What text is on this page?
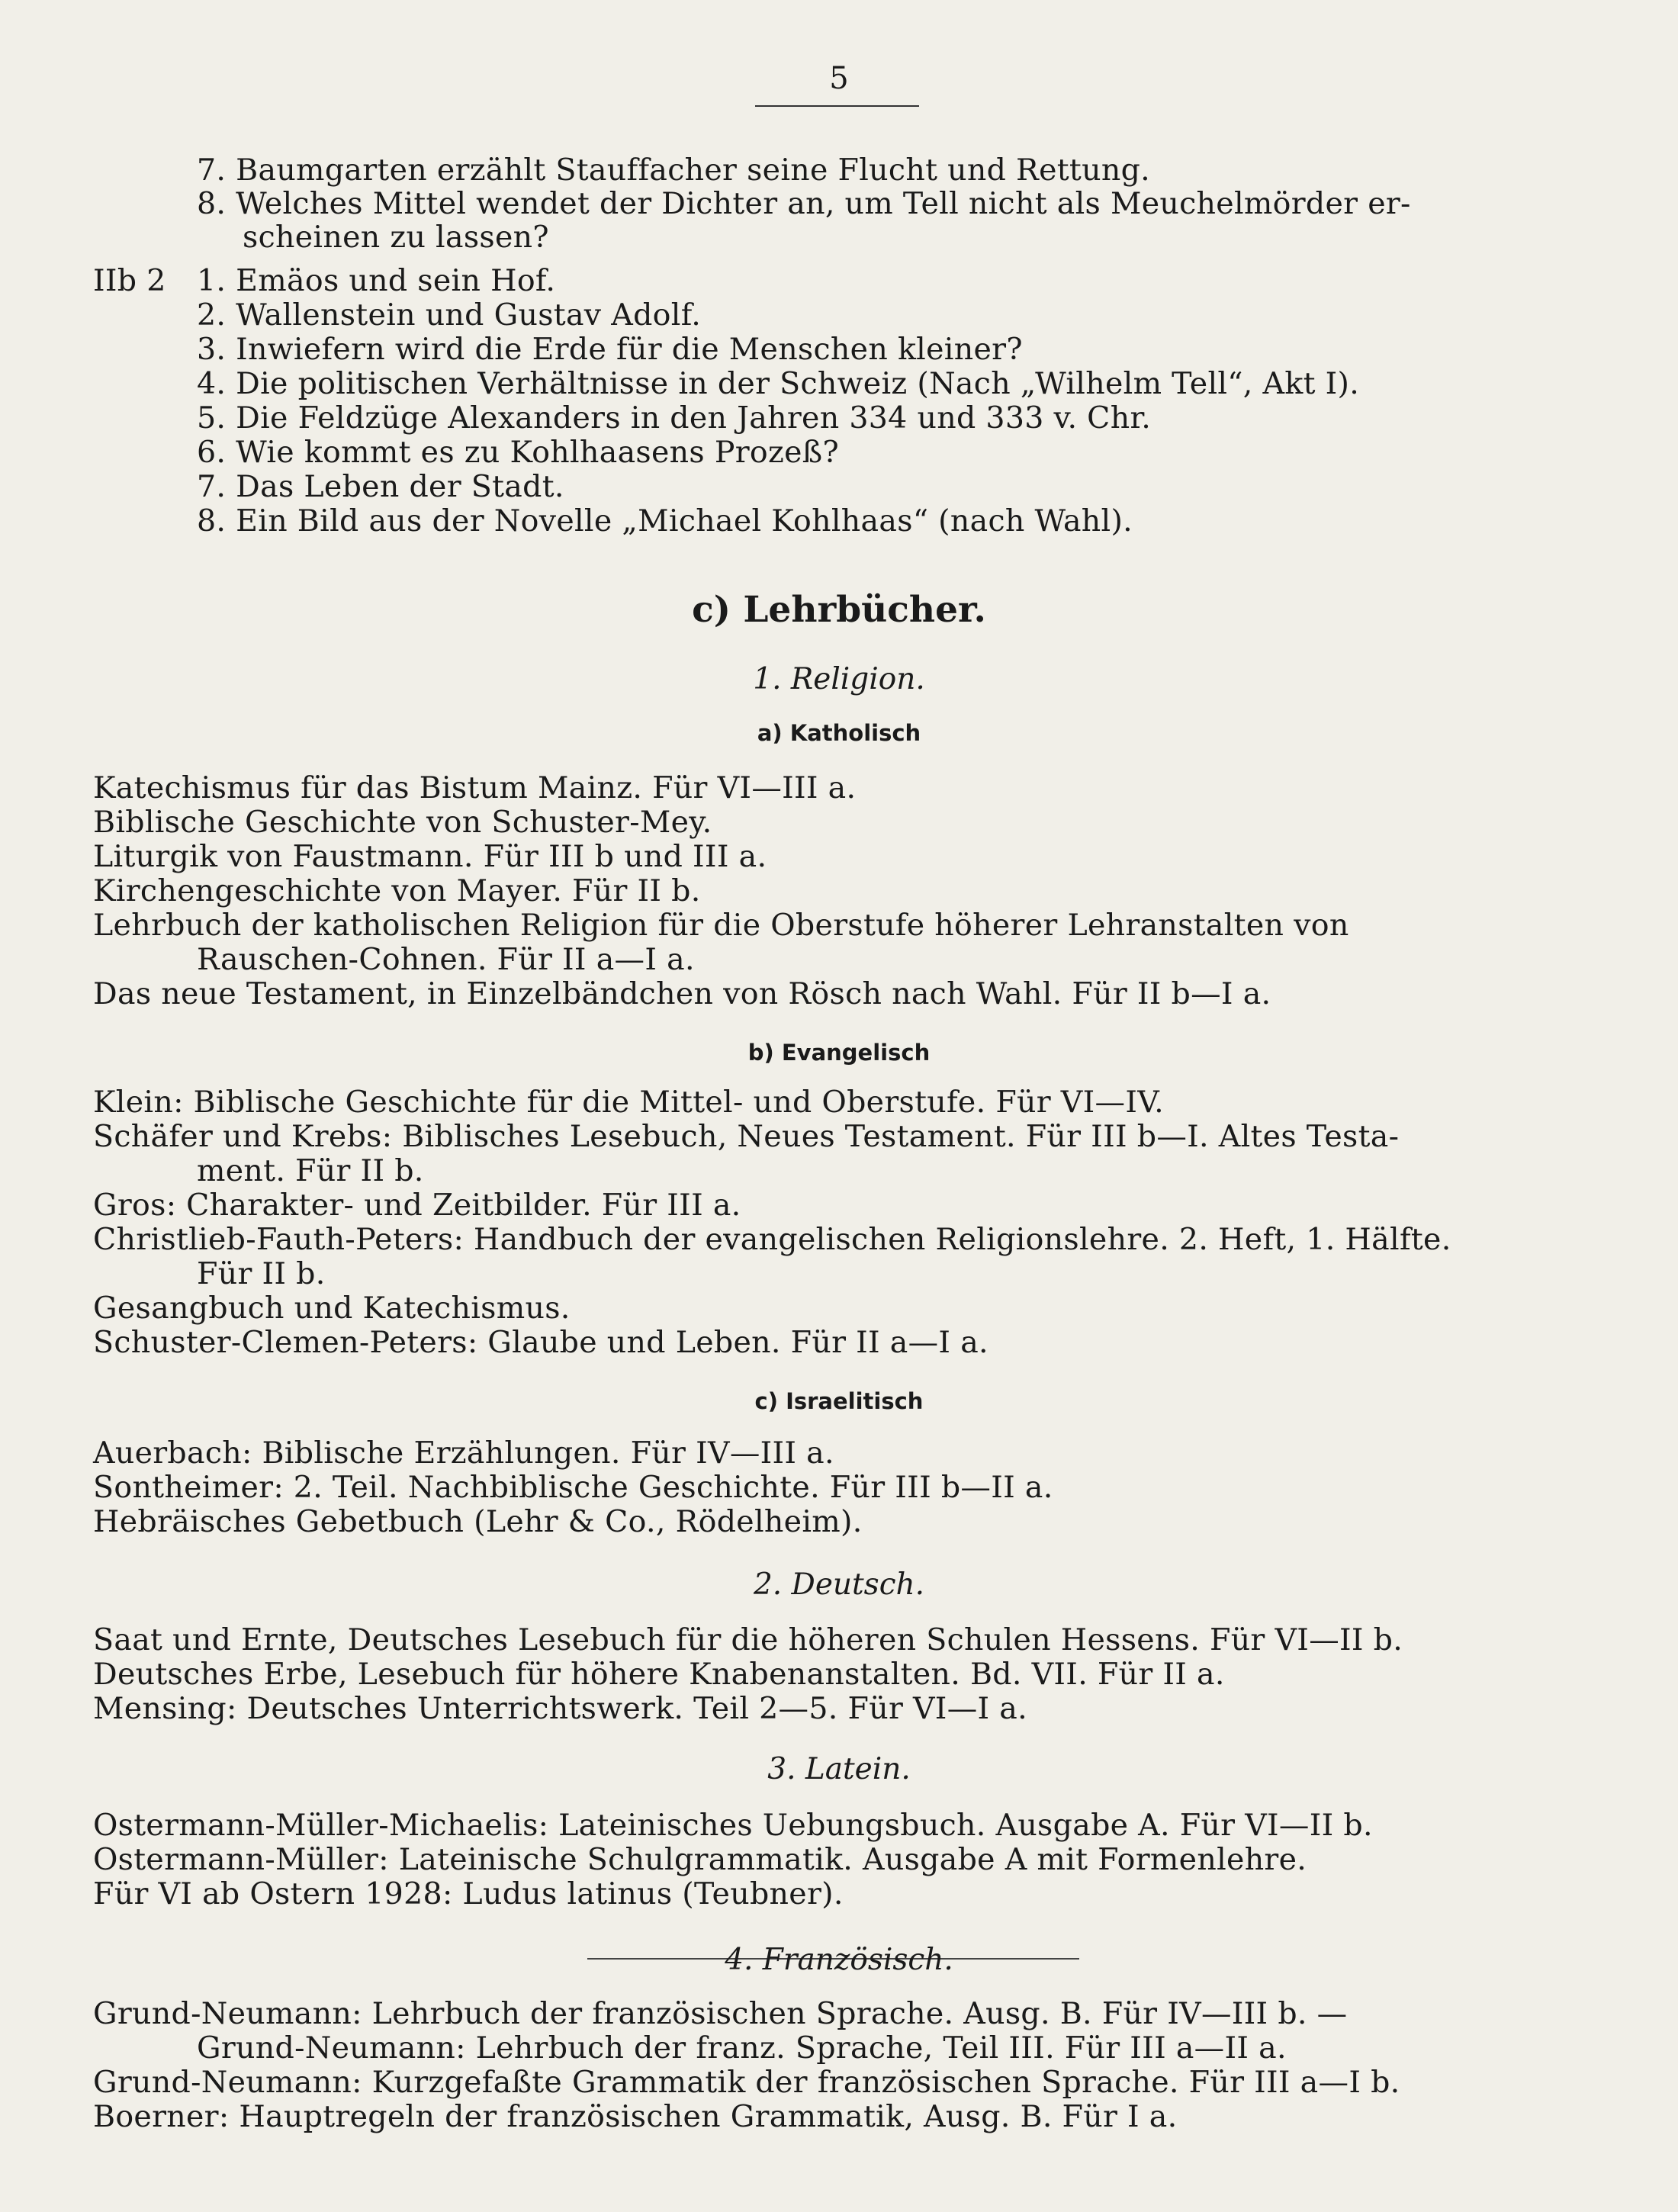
5
7. Baumgarten erzählt Stauffacher seine Flucht und Rettung.
8. Welches Mittel wendet der Dichter an, um Tell nicht als Meuchelmörder er-
scheinen zu lassen?
IIb 2 1. Emäos und sein Hof.
2. Wallenstein und Gustav Adolf.
3. Inwiefern wird die Erde für die Menschen kleiner?
4. Die politischen Verhältnisse in der Schweiz (Nach „Wilhelm Tell“, Akt I).
5. Die Feldzüge Alexanders in den Jahren 334 und 333 v. Chr.
6. Wie kommt es zu Kohlhaasens Prozeß?
7. Das Leben der Stadt.
8. Ein Bild aus der Novelle „Michael Kohlhaas“ (nach Wahl).
c) Lehrbücher.
1. Religion.
a) Katholisch
Katechismus für das Bistum Mainz. Für VI—III a.
Biblische Geschichte von Schuster-Mey.
Liturgik von Faustmann. Für III b und III a.
Kirchengeschichte von Mayer. Für II b.
Lehrbuch der katholischen Religion für die Oberstufe höherer Lehranstalten von
Rauschen-Cohnen. Für II a—I a.
Das neue Testament, in Einzelbändchen von Rösch nach Wahl. Für II b—I a.
b) Evangelisch
Klein: Biblische Geschichte für die Mittel- und Oberstufe. Für VI—IV.
Schäfer und Krebs: Biblisches Lesebuch, Neues Testament. Für III b—I. Altes Testa-
ment. Für II b.
Gros: Charakter- und Zeitbilder. Für III a.
Christlieb-Fauth-Peters: Handbuch der evangelischen Religionslehre. 2. Heft, 1. Hälfte.
Für II b.
Gesangbuch und Katechismus.
Schuster-Clemen-Peters: Glaube und Leben. Für II a—I a.
c) Israelitisch
Auerbach: Biblische Erzählungen. Für IV—III a.
Sontheimer: 2. Teil. Nachbiblische Geschichte. Für III b—II a.
Hebräisches Gebetbuch (Lehr & Co., Rödelheim).
2. Deutsch.
Saat und Ernte, Deutsches Lesebuch für die höheren Schulen Hessens. Für VI—II b.
Deutsches Erbe, Lesebuch für höhere Knabenanstalten. Bd. VII. Für II a.
Mensing: Deutsches Unterrichtswerk. Teil 2—5. Für VI—I a.
3. Latein.
Ostermann-Müller-Michaelis: Lateinisches Uebungsbuch. Ausgabe A. Für VI—II b.
Ostermann-Müller: Lateinische Schulgrammatik. Ausgabe A mit Formenlehre.
Für VI ab Ostern 1928: Ludus latinus (Teubner).
4. Französisch.
Grund-Neumann: Lehrbuch der französischen Sprache. Ausg. B. Für IV—III b. —
Grund-Neumann: Lehrbuch der franz. Sprache, Teil III. Für III a—II a.
Grund-Neumann: Kurzgefaßte Grammatik der französischen Sprache. Für III a—I b.
Boerner: Hauptregeln der französischen Grammatik, Ausg. B. Für I a.
